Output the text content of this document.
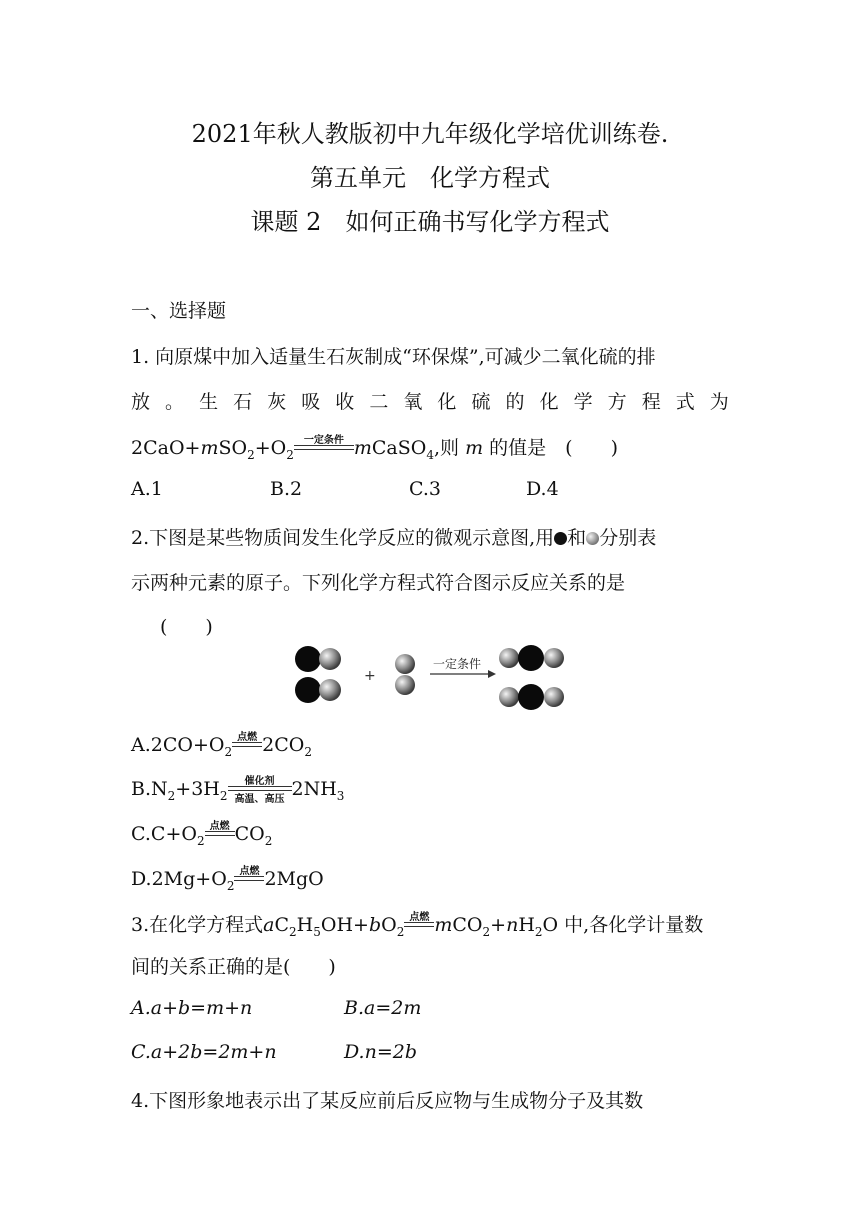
2021年秋人教版初中九年级化学培优训练卷.
第五单元　化学方程式
课题 2　如何正确书写化学方程式
一、选择题
1. 向原煤中加入适量生石灰制成“环保煤”,可减少二氧化硫的排
放 。 生 石 灰 吸 收 二 氧 化 硫 的 化 学 方 程 式 为
$2CaO+mSO_2+O_2$
一定条件 mCaSO$_4$,则 m 的值是　(　　)
A.1	B.2	C.3	D.4
2.下图是某些物质间发生化学反应的微观示意图,用 和 分别表
示两种元素的原子。下列化学方程式符合图示反应关系的是
(　　)
+
一定条件
$A.2CO+O_2$
点燃 $2CO_2$
$B.N_2+3H_2$
催化剂
高温、高压 $2NH_3$
$C.C+O_2$
点燃 $CO_2$
$D.2Mg+O_2$
点燃 2MgO
3.在化学方程式$aC_2H_5OH+bO_2$
点燃 $mCO_2+nH_2O$ 中,各化学计量数
间的关系正确的是(　　)
A.a+b=m+n	B.a=2m
C.a+2b=2m+n	D.n=2b
4.下图形象地表示出了某反应前后反应物与生成物分子及其数
